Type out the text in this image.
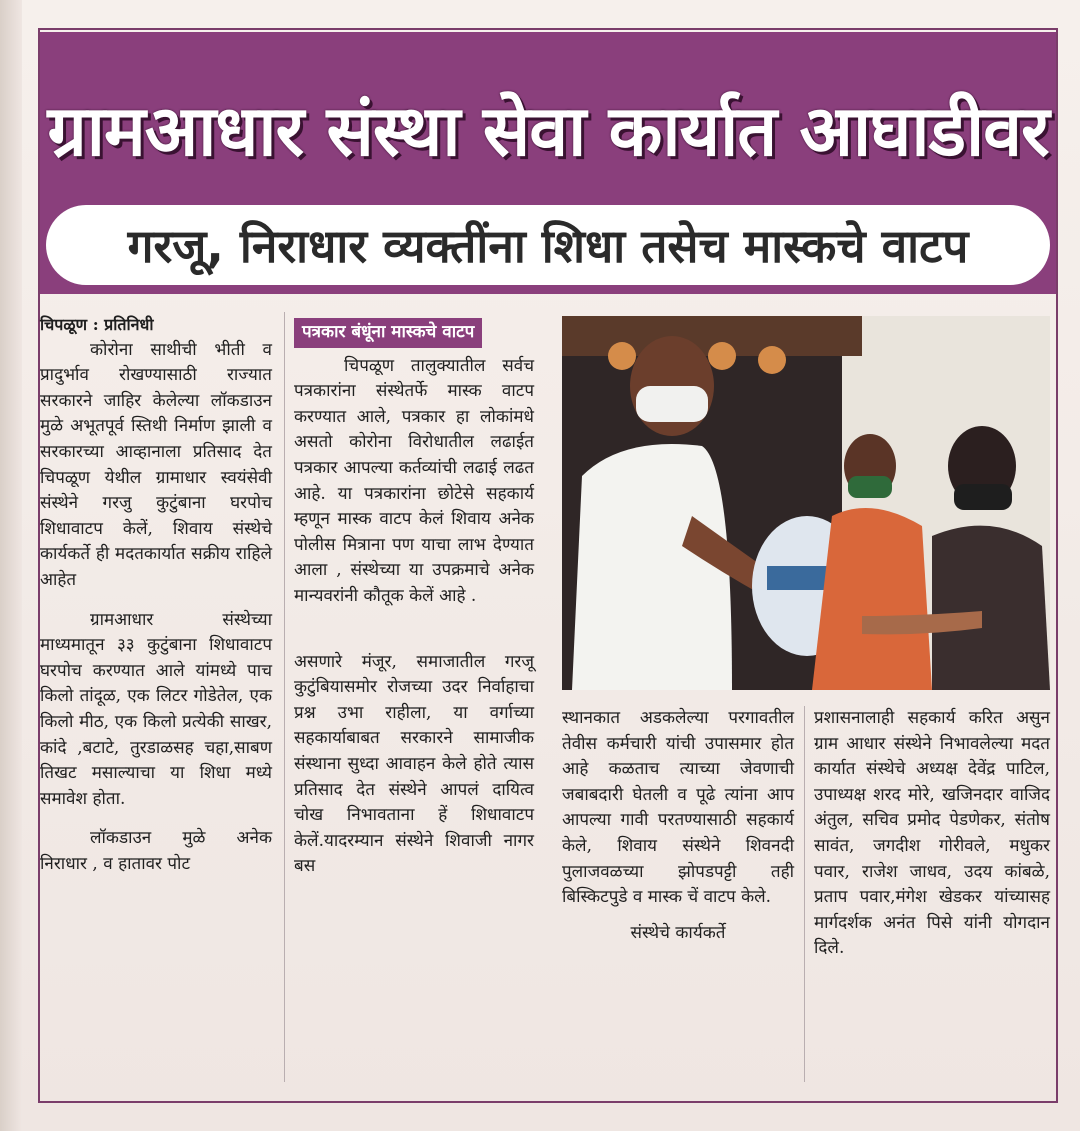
ग्रामआधार संस्था सेवा कार्यात आघाडीवर
गरजू, निराधार व्यक्तींना शिधा तसेच मास्कचे वाटप

चिपळूण : प्रतिनिधी

कोरोना साथीची भीती व प्रादुर्भाव रोखण्यासाठी राज्यात सरकारने जाहिर केलेल्या लॉकडाउन मुळे अभूतपूर्व स्तिथी निर्माण झाली व सरकारच्या आव्हानाला प्रतिसाद देत चिपळूण येथील ग्रामाधार स्वयंसेवी संस्थेने गरजु कुटुंबाना घरपोच शिधावाटप केलें, शिवाय संस्थेचे कार्यकर्ते ही मदतकार्यात सक्रीय राहिले आहेत

ग्रामआधार संस्थेच्या माध्यमातून ३३ कुटुंबाना शिधावाटप घरपोच करण्यात आले यांमध्ये पाच किलो तांदूळ, एक लिटर गोडेतेल, एक किलो मीठ, एक किलो प्रत्येकी साखर, कांदे ,बटाटे, तुरडाळसह चहा,साबण तिखट मसाल्याचा या शिधा मध्ये समावेश होता.

लॉकडाउन मुळे अनेक निराधार , व हातावर पोट

पत्रकार बंधूंना मास्कचे वाटप

चिपळूण तालुक्यातील सर्वच पत्रकारांना संस्थेतर्फे मास्क वाटप करण्यात आले, पत्रकार हा लोकांमधे असतो कोरोना विरोधातील लढाईत पत्रकार आपल्या कर्तव्यांची लढाई लढत आहे. या पत्रकारांना छोटेसे सहकार्य म्हणून मास्क वाटप केलं शिवाय अनेक पोलीस मित्राना पण याचा लाभ देण्यात आला , संस्थेच्या या उपक्रमाचे अनेक मान्यवरांनी कौतूक केलें आहे .

असणारे मंजूर, समाजातील गरजू कुटुंबियासमोर रोजच्या उदर निर्वाहाचा प्रश्न उभा राहीला, या वर्गाच्या सहकार्याबाबत सरकारने सामाजीक संस्थाना सुध्दा आवाहन केले होते त्यास प्रतिसाद देत संस्थेने आपलं दायित्व चोख निभावताना हें शिधावाटप केलें.यादरम्यान संस्थेने शिवाजी नागर बस

स्थानकात अडकलेल्या परगावतील तेवीस कर्मचारी यांची उपासमार होत आहे कळताच त्याच्या जेवणाची जबाबदारी घेतली व पूढे त्यांना आप आपल्या गावी परतण्यासाठी सहकार्य केले, शिवाय संस्थेने शिवनदी पुलाजवळच्या झोपडपट्टी तही बिस्किटपुडे व मास्क चें वाटप केले.

संस्थेचे कार्यकर्ते

प्रशासनालाही सहकार्य करित असुन ग्राम आधार संस्थेने निभावलेल्या मदत कार्यात संस्थेचे अध्यक्ष देवेंद्र पाटिल, उपाध्यक्ष शरद मोरे, खजिनदार वाजिद अंतुल, सचिव प्रमोद पेडणेकर, संतोष सावंत, जगदीश गोरीवले, मधुकर पवार, राजेश जाधव, उदय कांबळे, प्रताप पवार,मंगेश खेडकर यांच्यासह मार्गदर्शक अनंत पिसे यांनी योगदान दिले.
